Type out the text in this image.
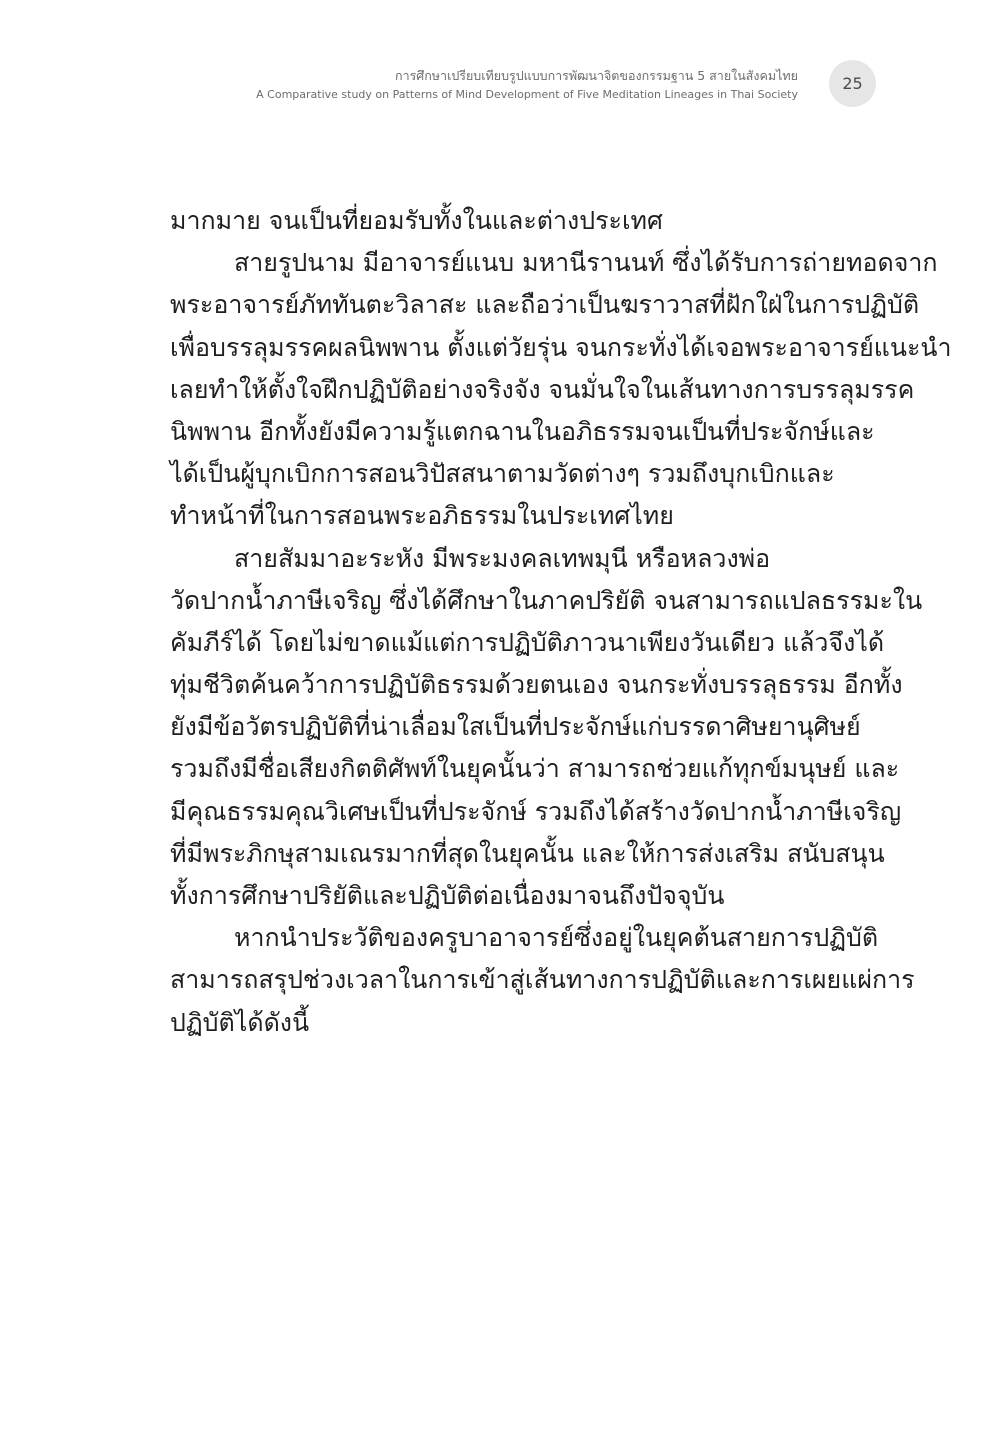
การศึกษาเปรียบเทียบรูปแบบการพัฒนาจิตของกรรมฐาน 5 สายในสังคมไทย
A Comparative study on Patterns of Mind Development of Five Meditation Lineages in Thai Society
25
มากมาย จนเป็นที่ยอมรับทั้งในและต่างประเทศ
สายรูปนาม มีอาจารย์แนบ มหานีรานนท์ ซึ่งได้รับการถ่ายทอดจาก
พระอาจารย์ภัททันตะวิลาสะ และถือว่าเป็นฆราวาสที่ฝักใฝ่ในการปฏิบัติ
เพื่อบรรลุมรรคผลนิพพาน ตั้งแต่วัยรุ่น จนกระทั่งได้เจอพระอาจารย์แนะนำ
เลยทำให้ตั้งใจฝึกปฏิบัติอย่างจริงจัง จนมั่นใจในเส้นทางการบรรลุมรรค
นิพพาน อีกทั้งยังมีความรู้แตกฉานในอภิธรรมจนเป็นที่ประจักษ์และ
ได้เป็นผู้บุกเบิกการสอนวิปัสสนาตามวัดต่างๆ รวมถึงบุกเบิกและ
ทำหน้าที่ในการสอนพระอภิธรรมในประเทศไทย
สายสัมมาอะระหัง มีพระมงคลเทพมุนี หรือหลวงพ่อ
วัดปากน้ำภาษีเจริญ ซึ่งได้ศึกษาในภาคปริยัติ จนสามารถแปลธรรมะใน
คัมภีร์ได้ โดยไม่ขาดแม้แต่การปฏิบัติภาวนาเพียงวันเดียว แล้วจึงได้
ทุ่มชีวิตค้นคว้าการปฏิบัติธรรมด้วยตนเอง จนกระทั่งบรรลุธรรม อีกทั้ง
ยังมีข้อวัตรปฏิบัติที่น่าเลื่อมใสเป็นที่ประจักษ์แก่บรรดาศิษยานุศิษย์
รวมถึงมีชื่อเสียงกิตติศัพท์ในยุคนั้นว่า สามารถช่วยแก้ทุกข์มนุษย์ และ
มีคุณธรรมคุณวิเศษเป็นที่ประจักษ์ รวมถึงได้สร้างวัดปากน้ำภาษีเจริญ
ที่มีพระภิกษุสามเณรมากที่สุดในยุคนั้น และให้การส่งเสริม สนับสนุน
ทั้งการศึกษาปริยัติและปฏิบัติต่อเนื่องมาจนถึงปัจจุบัน
หากนำประวัติของครูบาอาจารย์ซึ่งอยู่ในยุคต้นสายการปฏิบัติ
สามารถสรุปช่วงเวลาในการเข้าสู่เส้นทางการปฏิบัติและการเผยแผ่การ
ปฏิบัติได้ดังนี้
